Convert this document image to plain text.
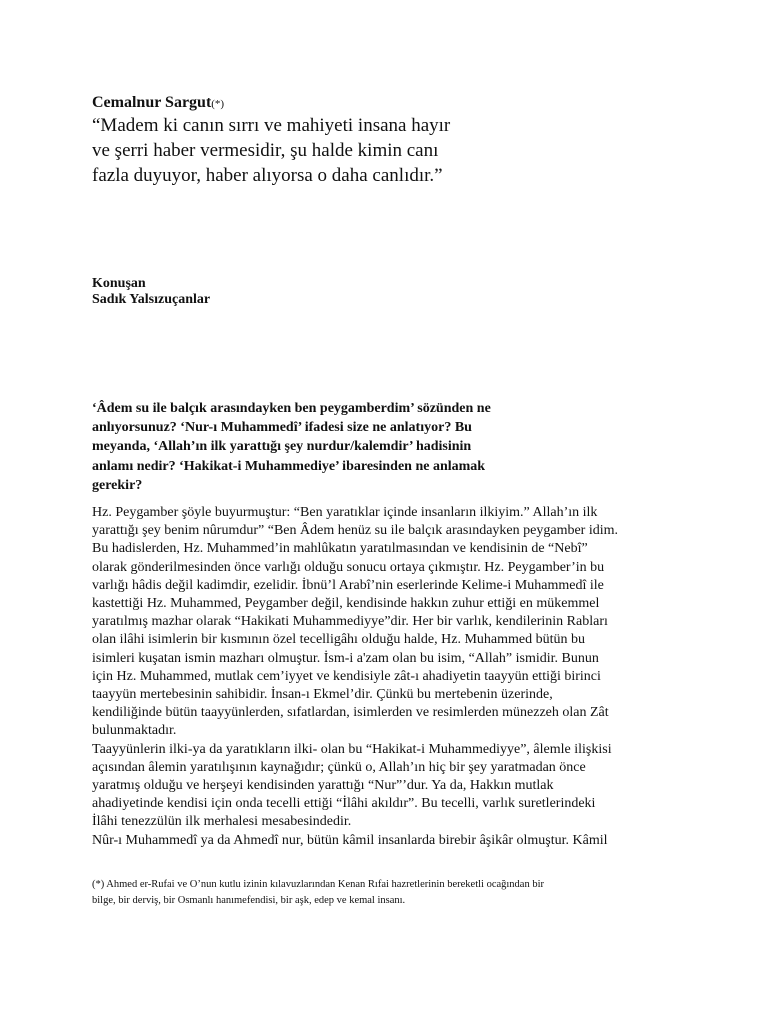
Cemalnur Sargut(*)
“Madem ki canın sırrı ve mahiyeti insana hayır
ve şerri haber vermesidir, şu halde kimin canı
fazla duyuyor, haber alıyorsa o daha canlıdır.”
Konuşan
Sadık Yalsızuçanlar
‘Âdem su ile balçık arasındayken ben peygamberdim’ sözünden ne
anlıyorsunuz? ‘Nur-ı Muhammedî’ ifadesi size ne anlatıyor? Bu
meyanda, ‘Allah’ın ilk yarattığı şey nurdur/kalemdir’ hadisinin
anlamı nedir? ‘Hakikat-i Muhammediye’ ibaresinden ne anlamak
gerekir?
Hz. Peygamber şöyle buyurmuştur: “Ben yaratıklar içinde insanların ilkiyim.” Allah’ın ilk
yarattığı şey benim nûrumdur” “Ben Âdem henüz su ile balçık arasındayken peygamber idim.
Bu hadislerden, Hz. Muhammed’in mahlûkatın yaratılmasından ve kendisinin de “Nebî”
olarak gönderilmesinden önce varlığı olduğu sonucu ortaya çıkmıştır. Hz. Peygamber’in bu
varlığı hâdis değil kadimdir, ezelidir. İbnü’l Arabî’nin eserlerinde Kelime-i Muhammedî ile
kastettiği Hz. Muhammed, Peygamber değil, kendisinde hakkın zuhur ettiği en mükemmel
yaratılmış mazhar olarak “Hakikati Muhammediyye”dir. Her bir varlık, kendilerinin Rabları
olan ilâhi isimlerin bir kısmının özel tecelligâhı olduğu halde, Hz. Muhammed bütün bu
isimleri kuşatan ismin mazharı olmuştur. İsm-i a'zam olan bu isim, “Allah” ismidir. Bunun
için Hz. Muhammed, mutlak cem’iyyet ve kendisiyle zât-ı ahadiyetin taayyün ettiği birinci
taayyün mertebesinin sahibidir. İnsan-ı Ekmel’dir. Çünkü bu mertebenin üzerinde,
kendiliğinde bütün taayyünlerden, sıfatlardan, isimlerden ve resimlerden münezzeh olan Zât
bulunmaktadır.
Taayyünlerin ilki-ya da yaratıkların ilki- olan bu “Hakikat-i Muhammediyye”, âlemle ilişkisi
açısından âlemin yaratılışının kaynağıdır; çünkü o, Allah’ın hiç bir şey yaratmadan önce
yaratmış olduğu ve herşeyi kendisinden yarattığı “Nur”’dur. Ya da, Hakkın mutlak
ahadiyetinde kendisi için onda tecelli ettiği “İlâhi akıldır”. Bu tecelli, varlık suretlerindeki
İlâhi tenezzülün ilk merhalesi mesabesindedir.
Nûr-ı Muhammedî ya da Ahmedî nur, bütün kâmil insanlarda birebir âşikâr olmuştur. Kâmil
(*) Ahmed er-Rufai ve O’nun kutlu izinin kılavuzlarından Kenan Rıfai hazretlerinin bereketli ocağından bir
bilge, bir derviş, bir Osmanlı hanımefendisi, bir aşk, edep ve kemal insanı.
